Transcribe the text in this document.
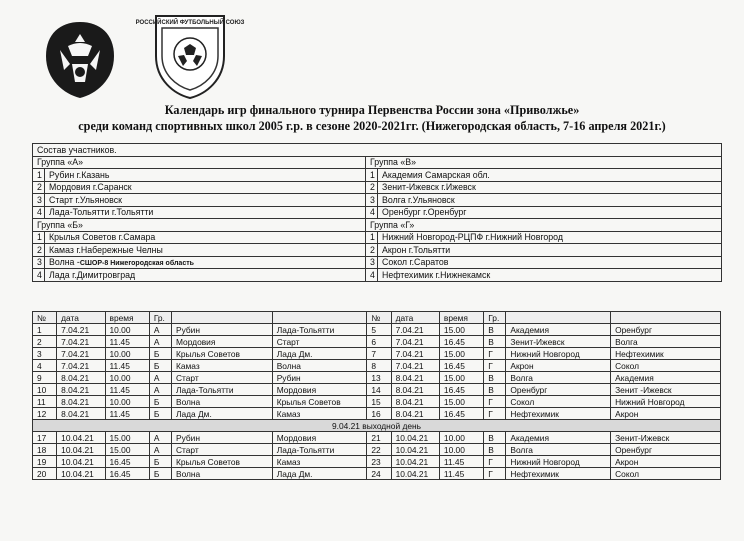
РОССИЙСКИЙ ФУТБОЛЬНЫЙ СОЮЗ
Календарь игр финального турнира Первенства России зона «Приволжье»
среди команд спортивных школ 2005 г.р. в сезоне 2020-2021гг. (Нижегородская область, 7-16 апреля 2021г.)
Состав участников.			
Группа «А»		Группа «В»	
1	Рубин г.Казань	1	Академия Самарская обл.
2	Мордовия г.Саранск	2	Зенит-Ижевск г.Ижевск
3	Старт г.Ульяновск	3	Волга г.Ульяновск
4	Лада-Тольятти г.Тольятти	4	Оренбург г.Оренбург
Группа «Б»		Группа «Г»	
1	Крылья Советов г.Самара	1	Нижний Новгород-РЦПФ г.Нижний Новгород
2	Камаз г.Набережные Челны	2	Акрон г.Тольятти
3	Волна -СШОР-8 Нижегородская область	3	Сокол г.Саратов
4	Лада г.Димитровград	4	Нефтехимик г.Нижнекамск
№	дата	время	Гр.			№	дата	время	Гр.		
1	7.04.21	10.00	А	Рубин	Лада-Тольятти	5	7.04.21	15.00	В	Академия	Оренбург
2	7.04.21	11.45	А	Мордовия	Старт	6	7.04.21	16.45	В	Зенит-Ижевск	Волга
3	7.04.21	10.00	Б	Крылья Советов	Лада Дм.	7	7.04.21	15.00	Г	Нижний Новгород	Нефтехимик
4	7.04.21	11.45	Б	Камаз	Волна	8	7.04.21	16.45	Г	Акрон	Сокол
9	8.04.21	10.00	А	Старт	Рубин	13	8.04.21	15.00	В	Волга	Академия
10	8.04.21	11.45	А	Лада-Тольятти	Мордовия	14	8.04.21	16.45	В	Оренбург	Зенит -Ижевск
11	8.04.21	10.00	Б	Волна	Крылья Советов	15	8.04.21	15.00	Г	Сокол	Нижний Новгород
12	8.04.21	11.45	Б	Лада Дм.	Камаз	16	8.04.21	16.45	Г	Нефтехимик	Акрон
9.04.21 выходной день											
17	10.04.21	15.00	А	Рубин	Мордовия	21	10.04.21	10.00	В	Академия	Зенит-Ижевск
18	10.04.21	15.00	А	Старт	Лада-Тольятти	22	10.04.21	10.00	В	Волга	Оренбург
19	10.04.21	16.45	Б	Крылья Советов	Камаз	23	10.04.21	11.45	Г	Нижний Новгород	Акрон
20	10.04.21	16.45	Б	Волна	Лада Дм.	24	10.04.21	11.45	Г	Нефтехимик	Сокол
